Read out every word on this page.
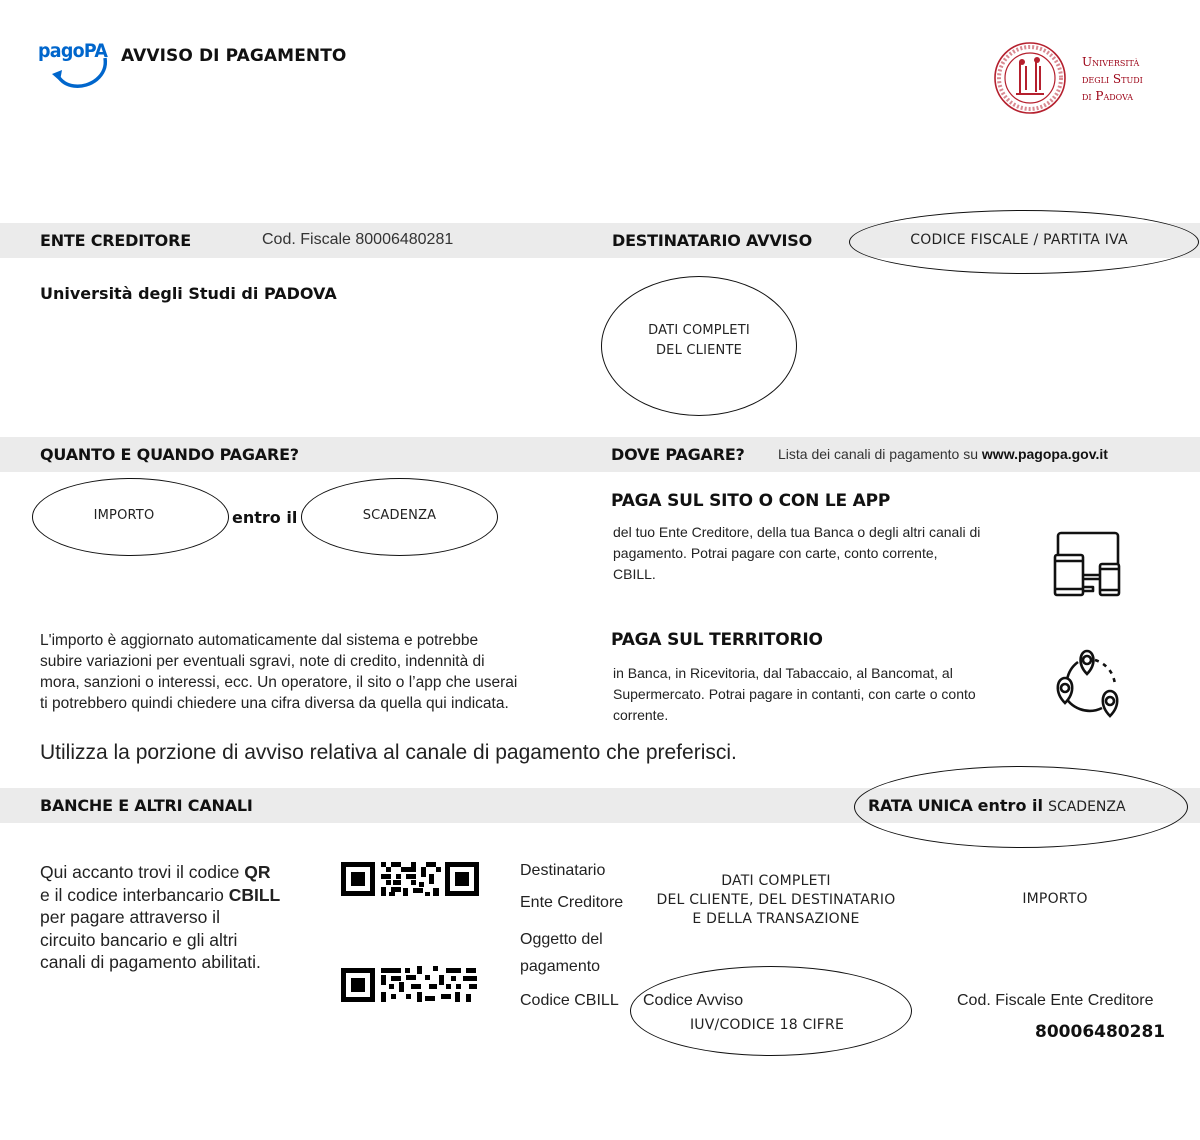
pagoPA AVVISO DI PAGAMENTO	Università
degli Studi
di Padova
ENTE CREDITORE	Cod. Fiscale 80006480281	DESTINATARIO AVVISO	CODICE FISCALE / PARTITA IVA
Università degli Studi di PADOVA
DATI COMPLETI
DEL CLIENTE
QUANTO E QUANDO PAGARE?	DOVE PAGARE? Lista dei canali di pagamento su www.pagopa.gov.it
IMPORTO	entro il	SCADENZA
L'importo è aggiornato automaticamente dal sistema e potrebbe
subire variazioni per eventuali sgravi, note di credito, indennità di
mora, sanzioni o interessi, ecc. Un operatore, il sito o l’app che userai
ti potrebbero quindi chiedere una cifra diversa da quella qui indicata.
PAGA SUL SITO O CON LE APP
del tuo Ente Creditore, della tua Banca o degli altri canali di
pagamento. Potrai pagare con carte, conto corrente,
CBILL.
PAGA SUL TERRITORIO
in Banca, in Ricevitoria, dal Tabaccaio, al Bancomat, al
Supermercato. Potrai pagare in contanti, con carte o conto
corrente.
Utilizza la porzione di avviso relativa al canale di pagamento che preferisci.
BANCHE E ALTRI CANALI	RATA UNICA entro il SCADENZA
Qui accanto trovi il codice QR
e il codice interbancario CBILL
per pagare attraverso il
circuito bancario e gli altri
canali di pagamento abilitati.
Destinatario
Ente Creditore
Oggetto del
pagamento
Codice CBILL
DATI COMPLETI
DEL CLIENTE, DEL DESTINATARIO
E DELLA TRANSAZIONE
IMPORTO
Codice Avviso
IUV/CODICE 18 CIFRE
Cod. Fiscale Ente Creditore
80006480281
